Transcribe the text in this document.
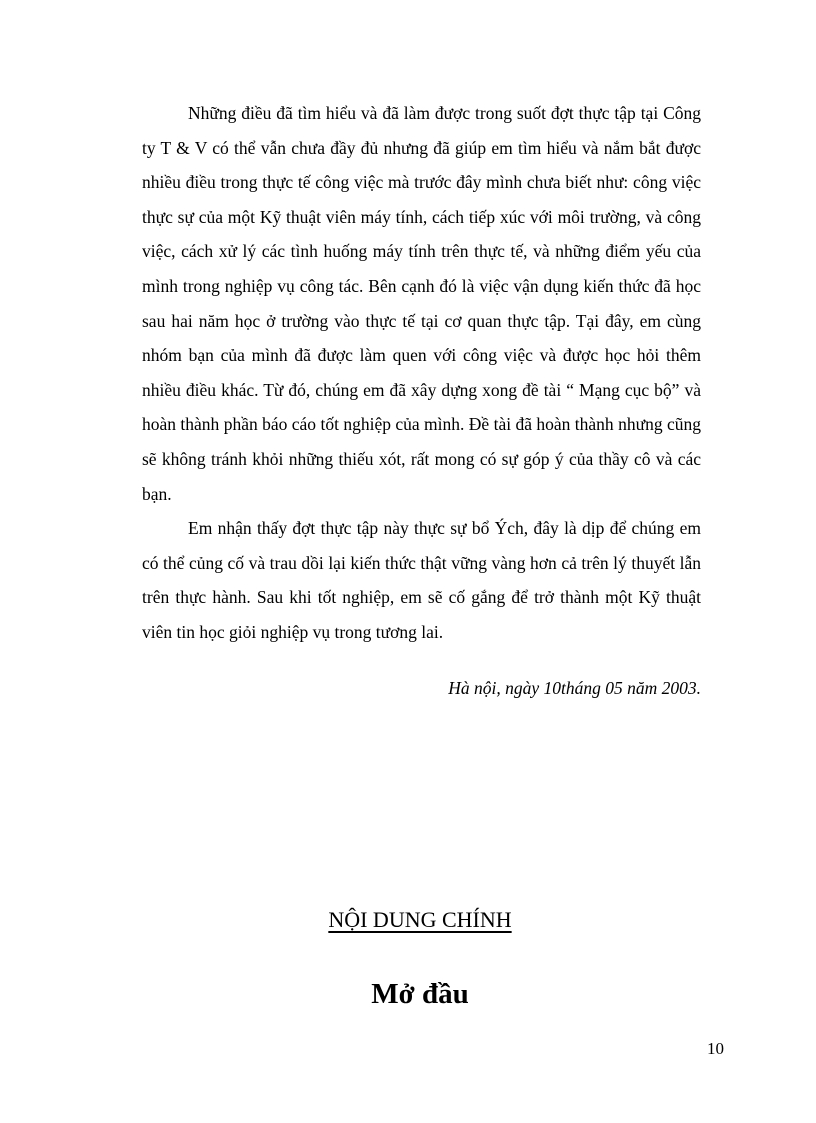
Những điều đã tìm hiểu và đã làm được trong suốt đợt thực tập tại Công ty T & V có thể vẫn chưa đầy đủ nhưng đã giúp em tìm hiểu và nắm bắt được nhiều điều trong thực tế công việc mà trước đây mình chưa biết như: công việc thực sự của một Kỹ thuật viên máy tính, cách tiếp xúc với môi trường, và công việc, cách xử lý các tình huống máy tính trên thực tế, và những điểm yếu của mình trong nghiệp vụ công tác. Bên cạnh đó là việc vận dụng kiến thức đã học sau hai năm học ở trường vào thực tế tại cơ quan thực tập. Tại đây, em cùng nhóm bạn của mình đã được làm quen với công việc và được học hỏi thêm nhiều điều khác. Từ đó, chúng em đã xây dựng xong đề tài “ Mạng cục bộ” và hoàn thành phần báo cáo tốt nghiệp của mình. Đề tài đã hoàn thành nhưng cũng sẽ không tránh khỏi những thiếu xót, rất mong có sự góp ý của thầy cô và các bạn.

Em nhận thấy đợt thực tập này thực sự bổ Ých, đây là dịp để chúng em có thể củng cố và trau dồi lại kiến thức thật vững vàng hơn cả trên lý thuyết lẫn trên thực hành. Sau khi tốt nghiệp, em sẽ cố gắng để trở thành một Kỹ thuật viên tin học giỏi nghiệp vụ trong tương lai.

Hà nội, ngày 10tháng 05 năm 2003.
NỘI DUNG CHÍNH
Mở đầu
10
